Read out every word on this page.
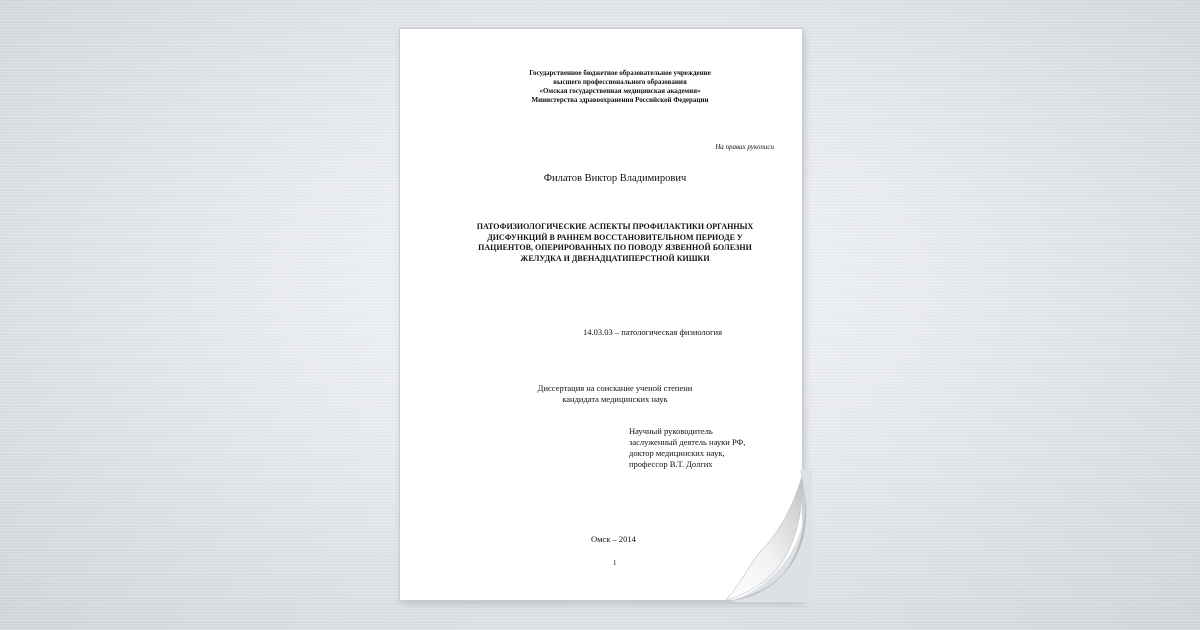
Государственное бюджетное образовательное учреждение
высшего профессионального образования
«Омская государственная медицинская академия»
Министерства здравоохранения Российской Федерации
На правах рукописи
Филатов Виктор Владимирович
ПАТОФИЗИОЛОГИЧЕСКИЕ АСПЕКТЫ ПРОФИЛАКТИКИ ОРГАННЫХ
ДИСФУНКЦИЙ В РАННЕМ ВОССТАНОВИТЕЛЬНОМ ПЕРИОДЕ У
ПАЦИЕНТОВ, ОПЕРИРОВАННЫХ ПО ПОВОДУ ЯЗВЕННОЙ БОЛЕЗНИ
ЖЕЛУДКА И ДВЕНАДЦАТИПЕРСТНОЙ КИШКИ
14.03.03 – патологическая физиология
Диссертация на соискание ученой степени
кандидата медицинских наук
Научный руководитель
заслуженный деятель науки РФ,
доктор медицинских наук,
профессор В.Т. Долгих
Омск – 2014
1
